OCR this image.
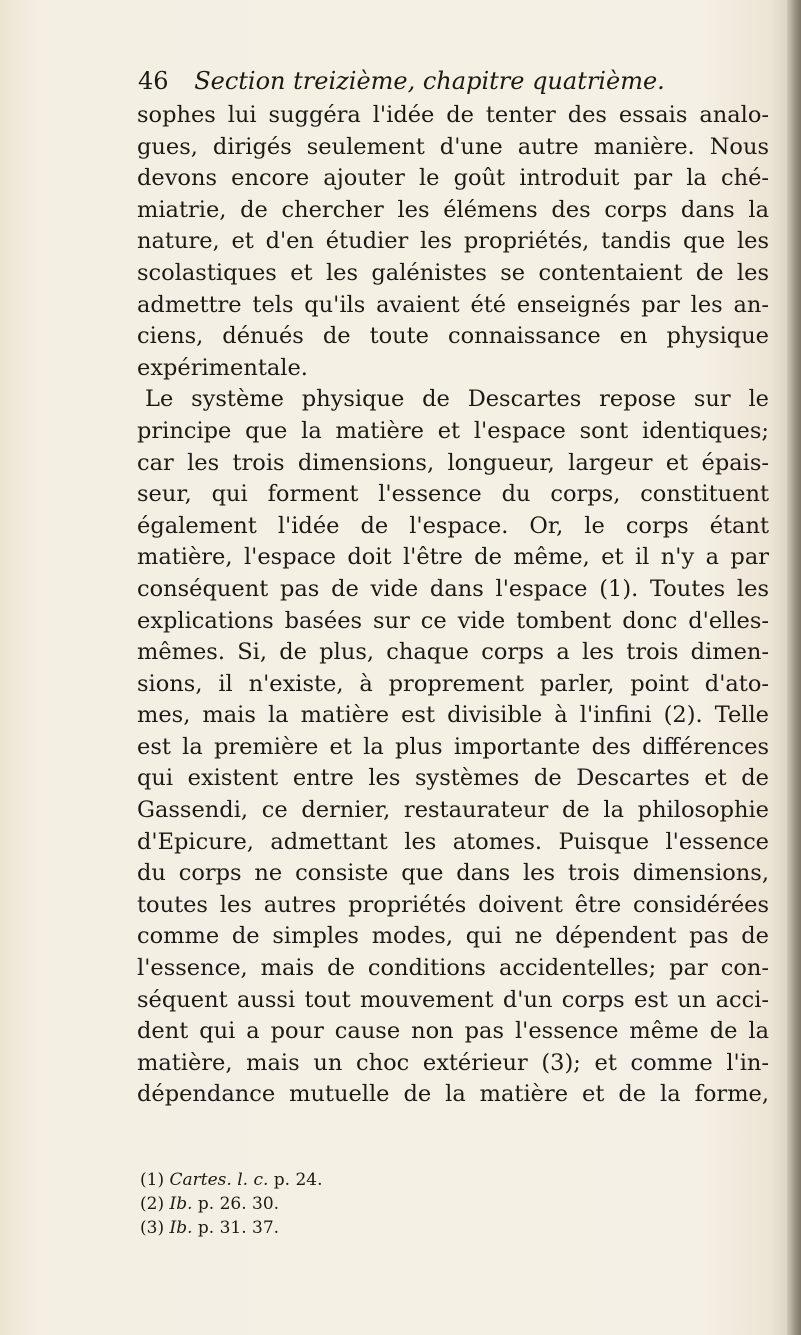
46 Section treizième, chapitre quatrième.
sophes lui suggéra l'idée de tenter des essais analo-
gues, dirigés seulement d'une autre manière. Nous
devons encore ajouter le goût introduit par la ché-
miatrie, de chercher les élémens des corps dans la
nature, et d'en étudier les propriétés, tandis que les
scolastiques et les galénistes se contentaient de les
admettre tels qu'ils avaient été enseignés par les an-
ciens, dénués de toute connaissance en physique
expérimentale.
Le système physique de Descartes repose sur le
principe que la matière et l'espace sont identiques;
car les trois dimensions, longueur, largeur et épais-
seur, qui forment l'essence du corps, constituent
également l'idée de l'espace. Or, le corps étant
matière, l'espace doit l'être de même, et il n'y a par
conséquent pas de vide dans l'espace (1). Toutes les
explications basées sur ce vide tombent donc d'elles-
mêmes. Si, de plus, chaque corps a les trois dimen-
sions, il n'existe, à proprement parler, point d'ato-
mes, mais la matière est divisible à l'infini (2). Telle
est la première et la plus importante des différences
qui existent entre les systèmes de Descartes et de
Gassendi, ce dernier, restaurateur de la philosophie
d'Epicure, admettant les atomes. Puisque l'essence
du corps ne consiste que dans les trois dimensions,
toutes les autres propriétés doivent être considérées
comme de simples modes, qui ne dépendent pas de
l'essence, mais de conditions accidentelles; par con-
séquent aussi tout mouvement d'un corps est un acci-
dent qui a pour cause non pas l'essence même de la
matière, mais un choc extérieur (3); et comme l'in-
dépendance mutuelle de la matière et de la forme,
(1) Cartes. l. c. p. 24.
(2) Ib. p. 26. 30.
(3) Ib. p. 31. 37.
